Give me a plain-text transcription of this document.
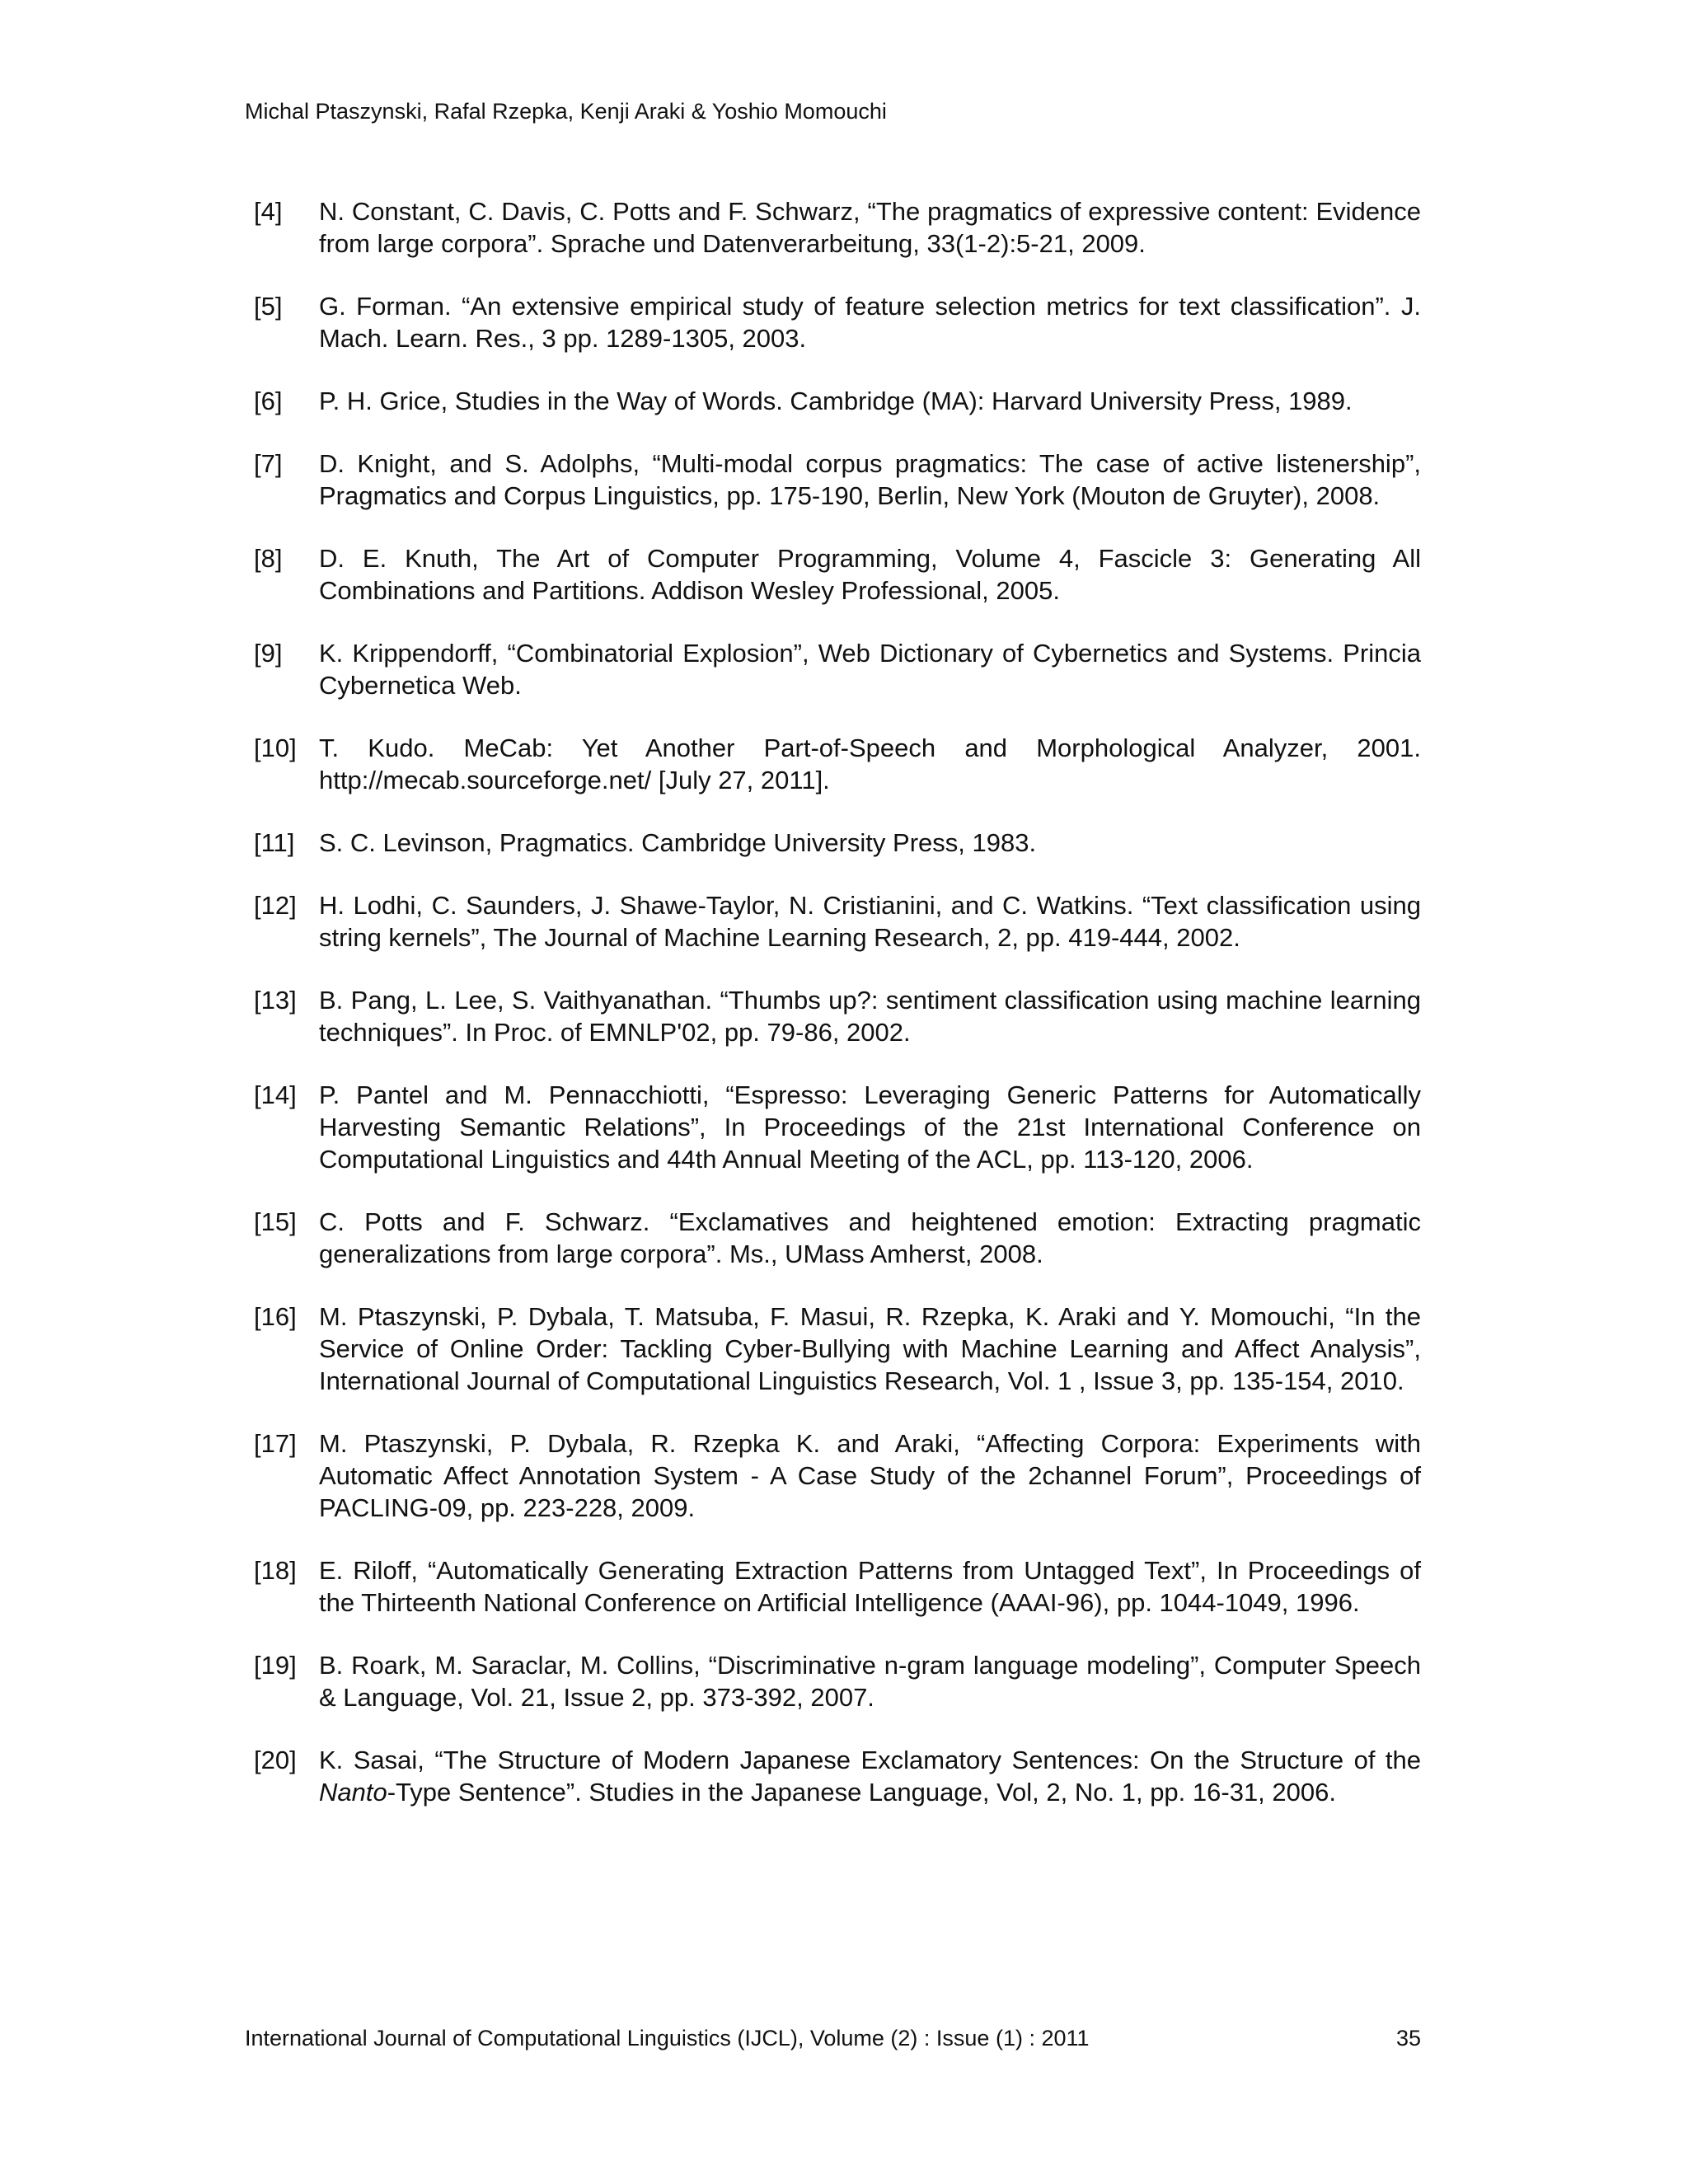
Michal Ptaszynski, Rafal Rzepka, Kenji Araki & Yoshio Momouchi
[4] N. Constant, C. Davis, C. Potts and F. Schwarz, “The pragmatics of expressive content: Evidence from large corpora”. Sprache und Datenverarbeitung, 33(1-2):5-21, 2009.
[5] G. Forman. “An extensive empirical study of feature selection metrics for text classification”. J. Mach. Learn. Res., 3 pp. 1289-1305, 2003.
[6] P. H. Grice, Studies in the Way of Words. Cambridge (MA): Harvard University Press, 1989.
[7] D. Knight, and S. Adolphs, “Multi-modal corpus pragmatics: The case of active listenership”, Pragmatics and Corpus Linguistics, pp. 175-190, Berlin, New York (Mouton de Gruyter), 2008.
[8] D. E. Knuth, The Art of Computer Programming, Volume 4, Fascicle 3: Generating All Combinations and Partitions. Addison Wesley Professional, 2005.
[9] K. Krippendorff, “Combinatorial Explosion”, Web Dictionary of Cybernetics and Systems. Princia Cybernetica Web.
[10] T. Kudo. MeCab: Yet Another Part-of-Speech and Morphological Analyzer, 2001. http://mecab.sourceforge.net/ [July 27, 2011].
[11] S. C. Levinson, Pragmatics. Cambridge University Press, 1983.
[12] H. Lodhi, C. Saunders, J. Shawe-Taylor, N. Cristianini, and C. Watkins. “Text classification using string kernels”, The Journal of Machine Learning Research, 2, pp. 419-444, 2002.
[13] B. Pang, L. Lee, S. Vaithyanathan. “Thumbs up?: sentiment classification using machine learning techniques”. In Proc. of EMNLP'02, pp. 79-86, 2002.
[14] P. Pantel and M. Pennacchiotti, “Espresso: Leveraging Generic Patterns for Automatically Harvesting Semantic Relations”, In Proceedings of the 21st International Conference on Computational Linguistics and 44th Annual Meeting of the ACL, pp. 113-120, 2006.
[15] C. Potts and F. Schwarz. “Exclamatives and heightened emotion: Extracting pragmatic generalizations from large corpora”. Ms., UMass Amherst, 2008.
[16] M. Ptaszynski, P. Dybala, T. Matsuba, F. Masui, R. Rzepka, K. Araki and Y. Momouchi, “In the Service of Online Order: Tackling Cyber-Bullying with Machine Learning and Affect Analysis”, International Journal of Computational Linguistics Research, Vol. 1 , Issue 3, pp. 135-154, 2010.
[17] M. Ptaszynski, P. Dybala, R. Rzepka K. and Araki, “Affecting Corpora: Experiments with Automatic Affect Annotation System - A Case Study of the 2channel Forum”, Proceedings of PACLING-09, pp. 223-228, 2009.
[18] E. Riloff, “Automatically Generating Extraction Patterns from Untagged Text”, In Proceedings of the Thirteenth National Conference on Artificial Intelligence (AAAI-96), pp. 1044-1049, 1996.
[19] B. Roark, M. Saraclar, M. Collins, “Discriminative n-gram language modeling”, Computer Speech & Language, Vol. 21, Issue 2, pp. 373-392, 2007.
[20] K. Sasai, “The Structure of Modern Japanese Exclamatory Sentences: On the Structure of the Nanto-Type Sentence”. Studies in the Japanese Language, Vol, 2, No. 1, pp. 16-31, 2006.
International Journal of Computational Linguistics (IJCL), Volume (2) : Issue (1) : 2011	35
